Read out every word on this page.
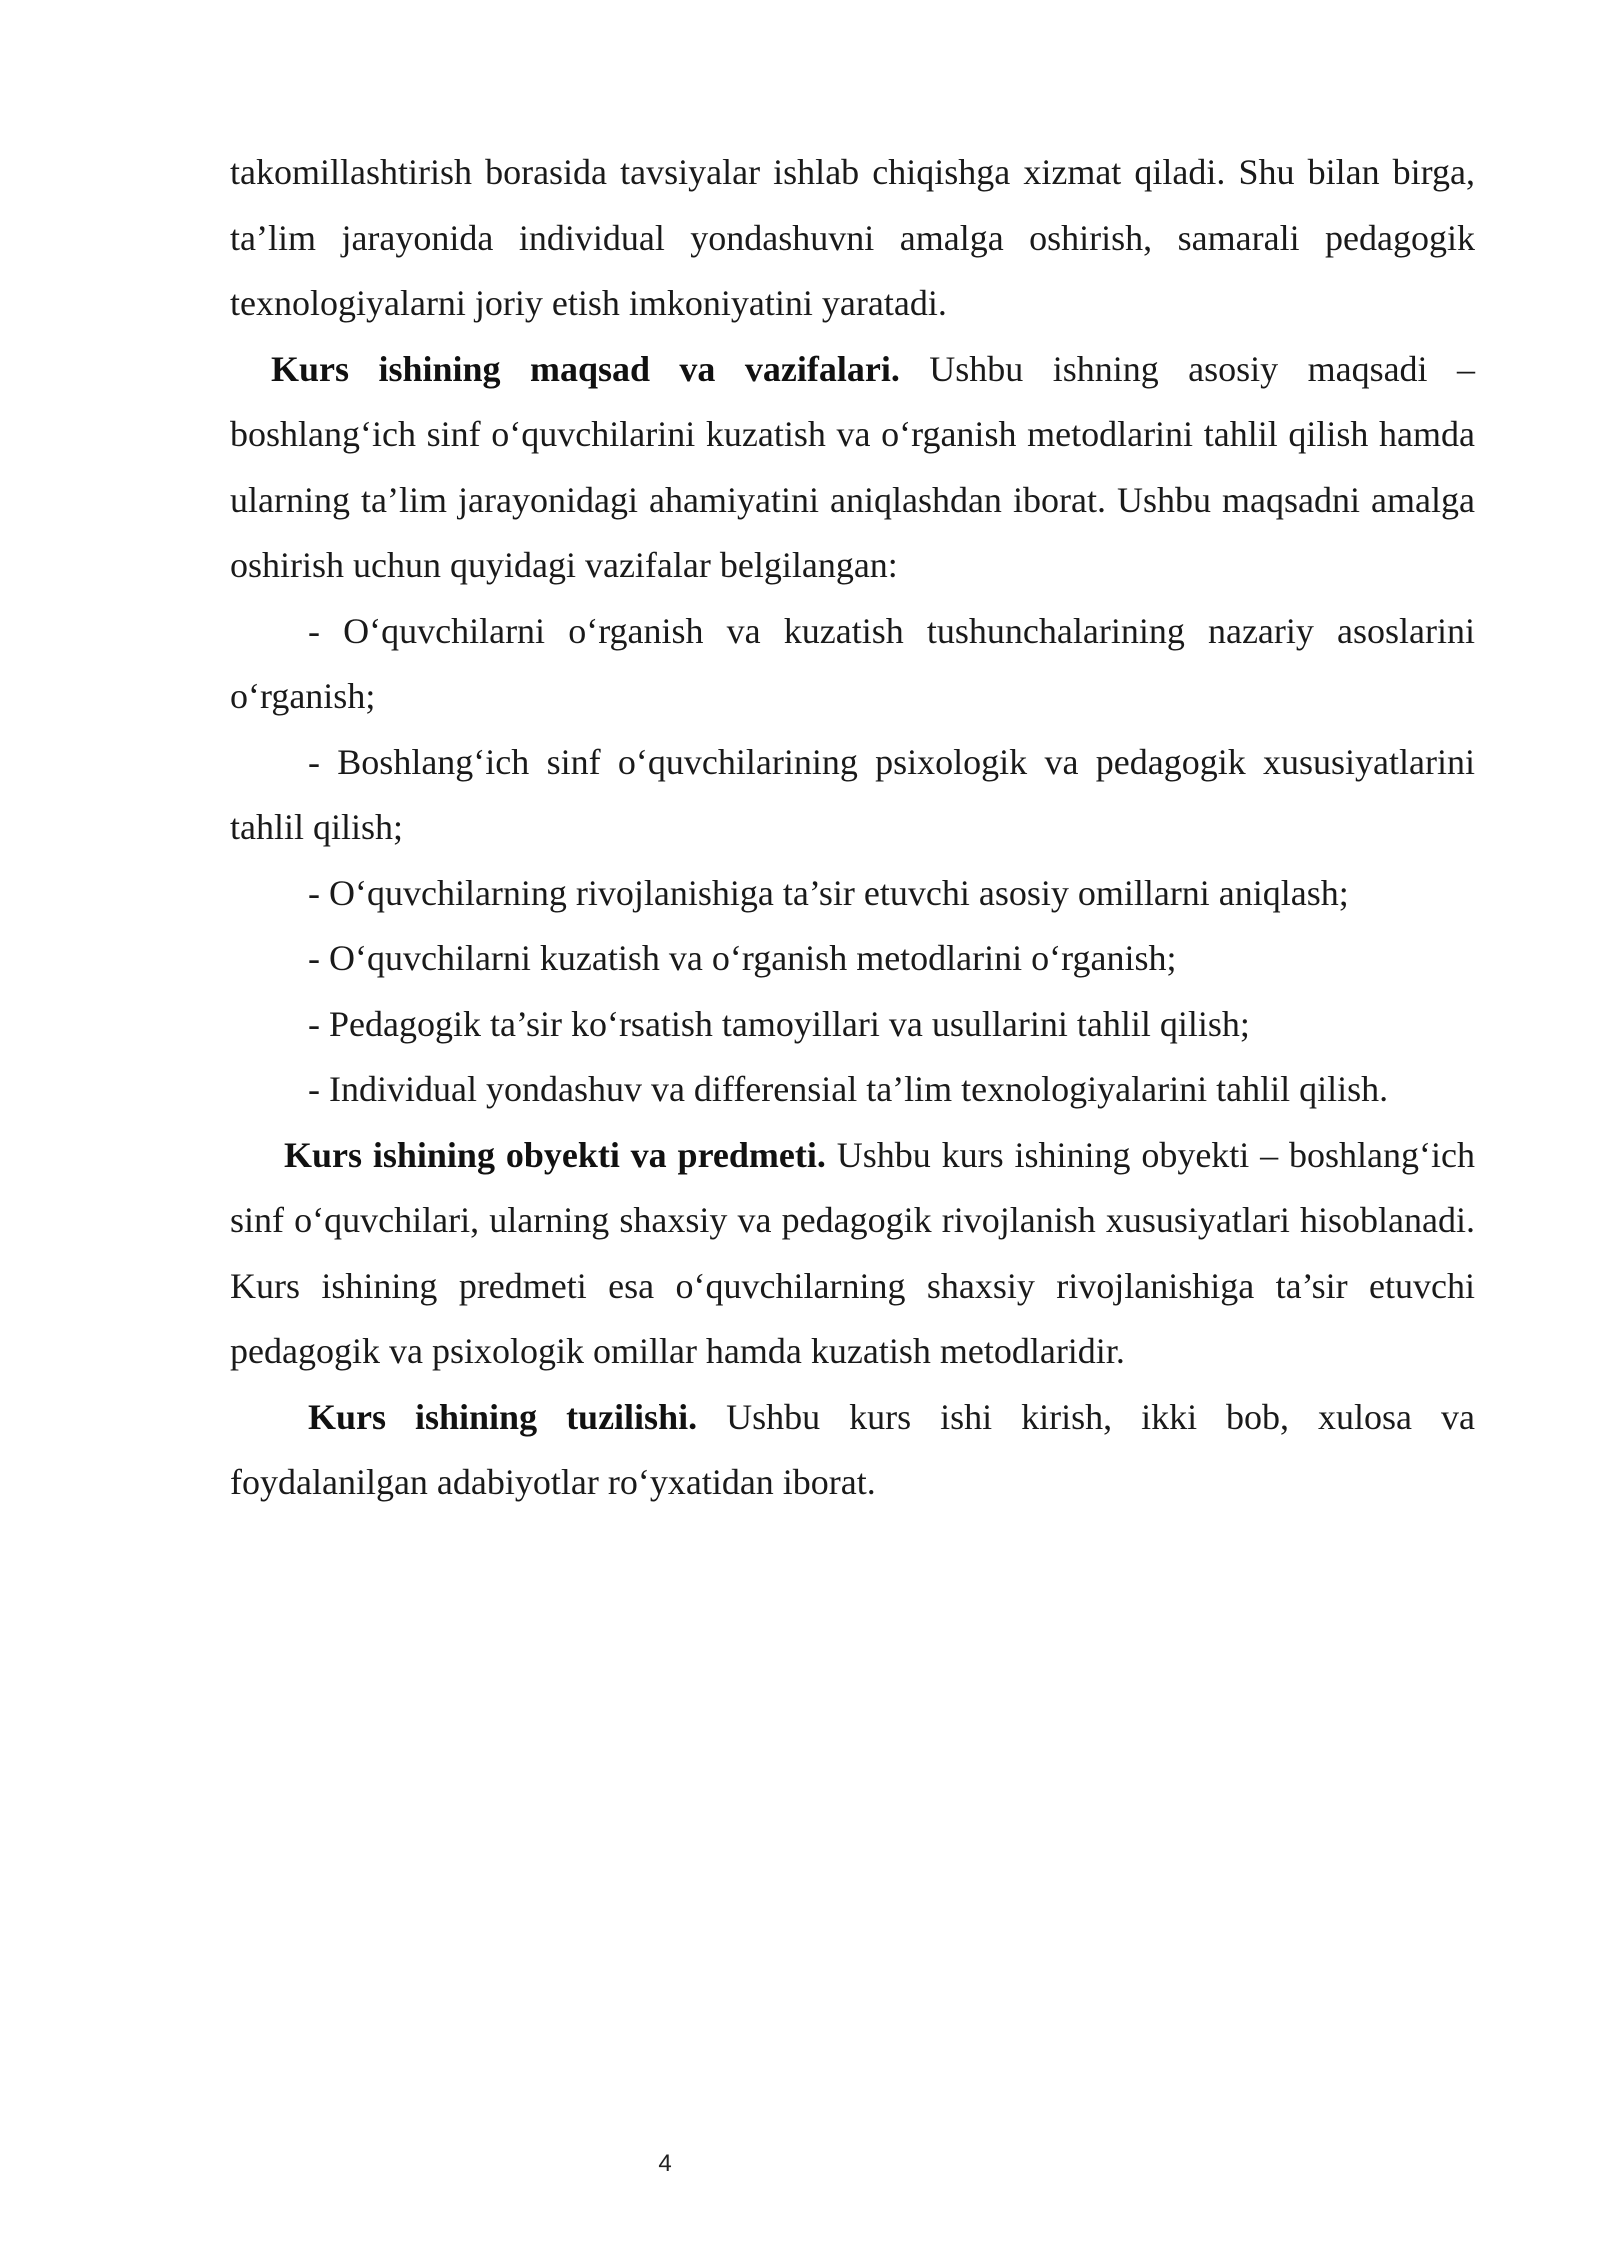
takomillashtirish borasida tavsiyalar ishlab chiqishga xizmat qiladi. Shu bilan birga, ta’lim jarayonida individual yondashuvni amalga oshirish, samarali pedagogik texnologiyalarni joriy etish imkoniyatini yaratadi.

Kurs ishining maqsad va vazifalari. Ushbu ishning asosiy maqsadi – boshlang‘ich sinf o‘quvchilarini kuzatish va o‘rganish metodlarini tahlil qilish hamda ularning ta’lim jarayonidagi ahamiyatini aniqlashdan iborat. Ushbu maqsadni amalga oshirish uchun quyidagi vazifalar belgilangan:

- O‘quvchilarni o‘rganish va kuzatish tushunchalarining nazariy asoslarini o‘rganish;

- Boshlang‘ich sinf o‘quvchilarining psixologik va pedagogik xususiyatlarini tahlil qilish;

- O‘quvchilarning rivojlanishiga ta’sir etuvchi asosiy omillarni aniqlash;

- O‘quvchilarni kuzatish va o‘rganish metodlarini o‘rganish;

- Pedagogik ta’sir ko‘rsatish tamoyillari va usullarini tahlil qilish;

- Individual yondashuv va differensial ta’lim texnologiyalarini tahlil qilish.

Kurs ishining obyekti va predmeti. Ushbu kurs ishining obyekti – boshlang‘ich sinf o‘quvchilari, ularning shaxsiy va pedagogik rivojlanish xususiyatlari hisoblanadi. Kurs ishining predmeti esa o‘quvchilarning shaxsiy rivojlanishiga ta’sir etuvchi pedagogik va psixologik omillar hamda kuzatish metodlaridir.

Kurs ishining tuzilishi. Ushbu kurs ishi kirish, ikki bob, xulosa va foydalanilgan adabiyotlar ro‘yxatidan iborat.

4
